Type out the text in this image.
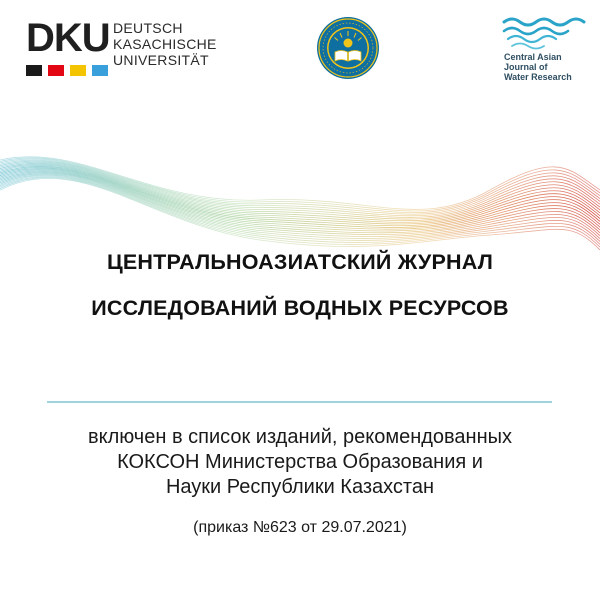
DKU DEUTSCH
KASACHISCHE
UNIVERSITÄT	Central Asian
Journal of
Water Research
ЦЕНТРАЛЬНОАЗИАТСКИЙ ЖУРНАЛ
ИССЛЕДОВАНИЙ ВОДНЫХ РЕСУРСОВ
включен в список изданий, рекомендованных
КОКСОН Министерства Образования и
Науки Республики Казахстан
(приказ №623 от 29.07.2021)
